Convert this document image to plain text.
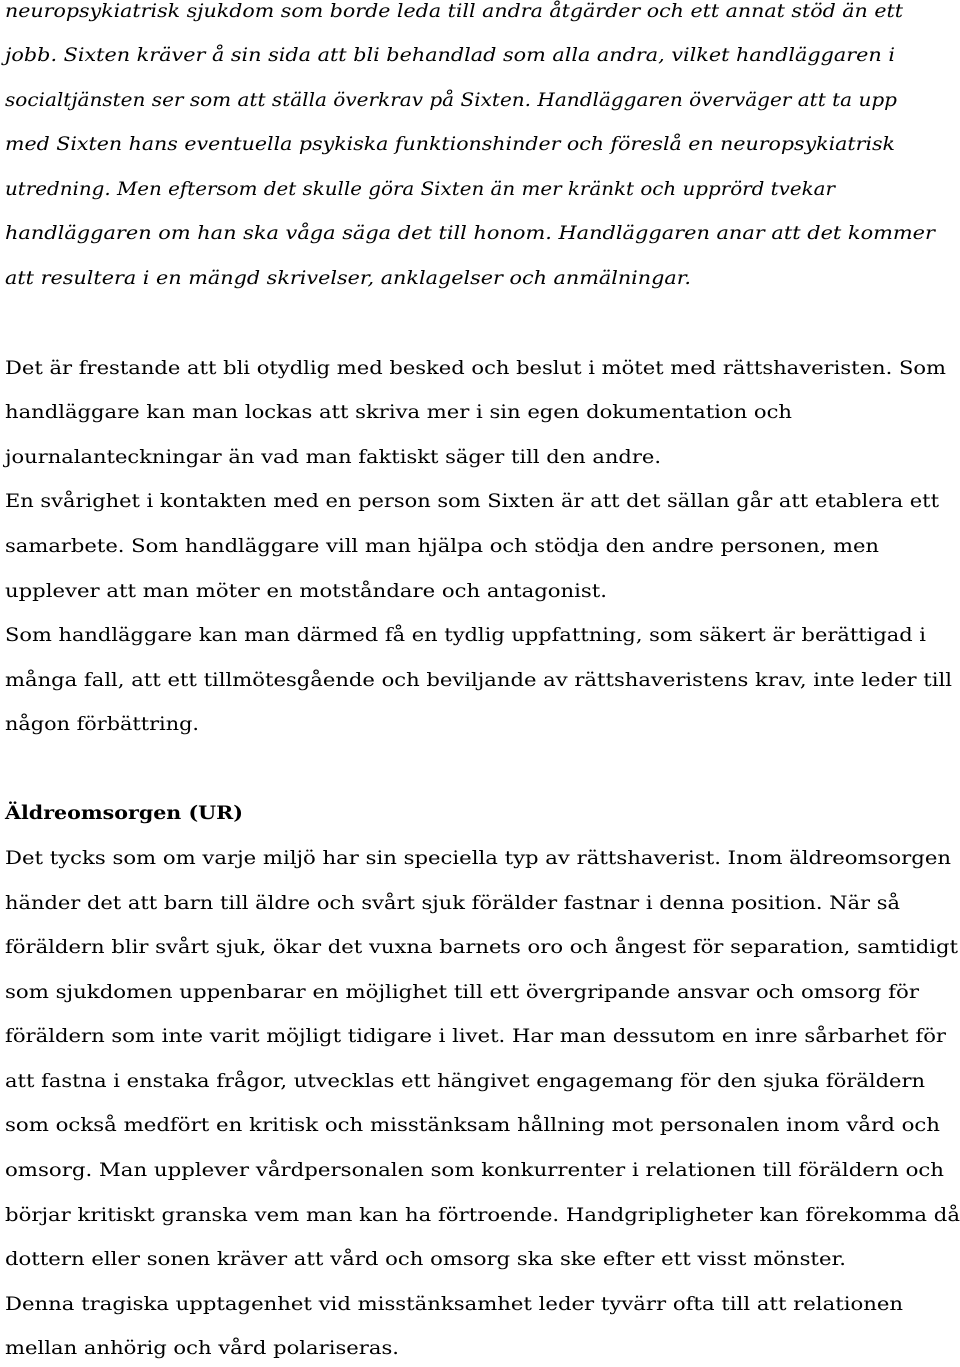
neuropsykiatrisk sjukdom som borde leda till andra åtgärder och ett annat stöd än ett
jobb. Sixten kräver å sin sida att bli behandlad som alla andra, vilket handläggaren i
socialtjänsten ser som att ställa överkrav på Sixten. Handläggaren överväger att ta upp
med Sixten hans eventuella psykiska funktionshinder och föreslå en neuropsykiatrisk
utredning. Men eftersom det skulle göra Sixten än mer kränkt och upprörd tvekar
handläggaren om han ska våga säga det till honom. Handläggaren anar att det kommer
att resultera i en mängd skrivelser, anklagelser och anmälningar.
Det är frestande att bli otydlig med besked och beslut i mötet med rättshaveristen. Som
handläggare kan man lockas att skriva mer i sin egen dokumentation och
journalanteckningar än vad man faktiskt säger till den andre.
En svårighet i kontakten med en person som Sixten är att det sällan går att etablera ett
samarbete. Som handläggare vill man hjälpa och stödja den andre personen, men
upplever att man möter en motståndare och antagonist.
Som handläggare kan man därmed få en tydlig uppfattning, som säkert är berättigad i
många fall, att ett tillmötesgående och beviljande av rättshaveristens krav, inte leder till
någon förbättring.
Äldreomsorgen (UR)
Det tycks som om varje miljö har sin speciella typ av rättshaverist. Inom äldreomsorgen
händer det att barn till äldre och svårt sjuk förälder fastnar i denna position. När så
föräldern blir svårt sjuk, ökar det vuxna barnets oro och ångest för separation, samtidigt
som sjukdomen uppenbarar en möjlighet till ett övergripande ansvar och omsorg för
föräldern som inte varit möjligt tidigare i livet. Har man dessutom en inre sårbarhet för
att fastna i enstaka frågor, utvecklas ett hängivet engagemang för den sjuka föräldern
som också medfört en kritisk och misstänksam hållning mot personalen inom vård och
omsorg. Man upplever vårdpersonalen som konkurrenter i relationen till föräldern och
börjar kritiskt granska vem man kan ha förtroende. Handgripligheter kan förekomma då
dottern eller sonen kräver att vård och omsorg ska ske efter ett visst mönster.
Denna tragiska upptagenhet vid misstänksamhet leder tyvärr ofta till att relationen
mellan anhörig och vård polariseras.
